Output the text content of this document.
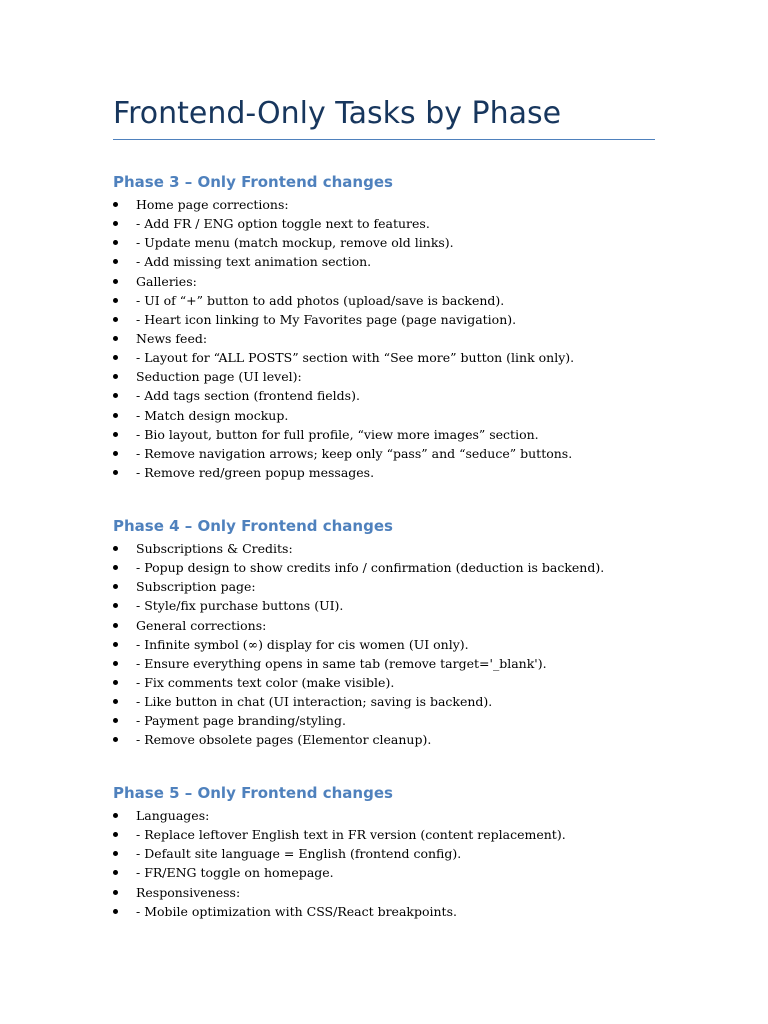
Frontend-Only Tasks by Phase
Phase 3 – Only Frontend changes
Home page corrections:
- Add FR / ENG option toggle next to features.
- Update menu (match mockup, remove old links).
- Add missing text animation section.
Galleries:
- UI of “+” button to add photos (upload/save is backend).
- Heart icon linking to My Favorites page (page navigation).
News feed:
- Layout for “ALL POSTS” section with “See more” button (link only).
Seduction page (UI level):
- Add tags section (frontend fields).
- Match design mockup.
- Bio layout, button for full profile, “view more images” section.
- Remove navigation arrows; keep only “pass” and “seduce” buttons.
- Remove red/green popup messages.
Phase 4 – Only Frontend changes
Subscriptions & Credits:
- Popup design to show credits info / confirmation (deduction is backend).
Subscription page:
- Style/fix purchase buttons (UI).
General corrections:
- Infinite symbol (∞) display for cis women (UI only).
- Ensure everything opens in same tab (remove target='_blank').
- Fix comments text color (make visible).
- Like button in chat (UI interaction; saving is backend).
- Payment page branding/styling.
- Remove obsolete pages (Elementor cleanup).
Phase 5 – Only Frontend changes
Languages:
- Replace leftover English text in FR version (content replacement).
- Default site language = English (frontend config).
- FR/ENG toggle on homepage.
Responsiveness:
- Mobile optimization with CSS/React breakpoints.
